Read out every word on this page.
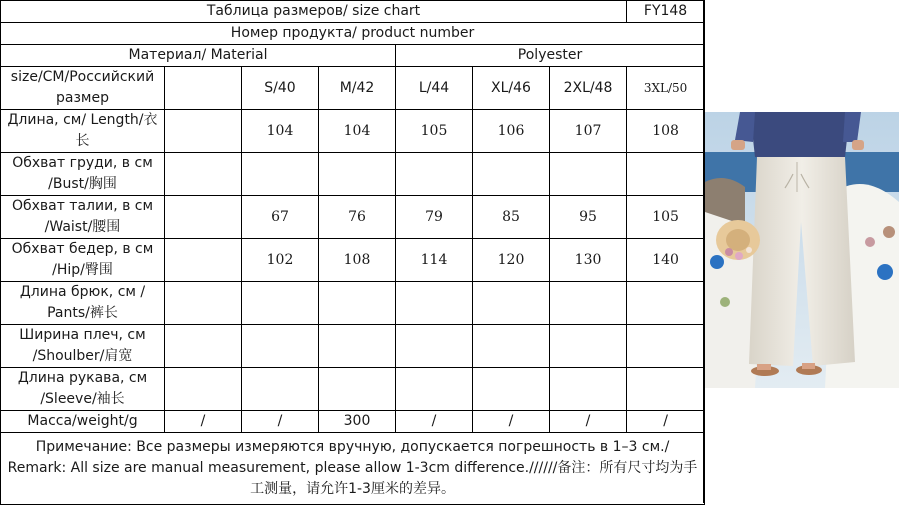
Таблица размеров/ size chart							FY148
Номер продукта/ product number							
Материал/ Material				Polyester			
size/CM/Российский размер		S/40	M/42	L/44	XL/46	2XL/48	3XL/50
Длина, см/ Length/衣长		104	104	105	106	107	108
Обхват груди, в см /Bust/胸围							
Обхват талии, в см /Waist/腰围		67	76	79	85	95	105
Обхват бедер, в см /Hip/臀围		102	108	114	120	130	140
Длина брюк, см / Pants/裤长							
Ширина плеч, см /Shoulber/肩宽							
Длина рукава, см /Sleeve/袖长							
Масса/weight/g	/	/	300	/	/	/	/

Примечание: Все размеры измеряются вручную, допускается погрешность в 1–3 см./
Remark: All size are manual measurement, please allow 1-3cm difference.//////备注：所有尺寸均为手工测量，请允许1-3厘米的差异。							
